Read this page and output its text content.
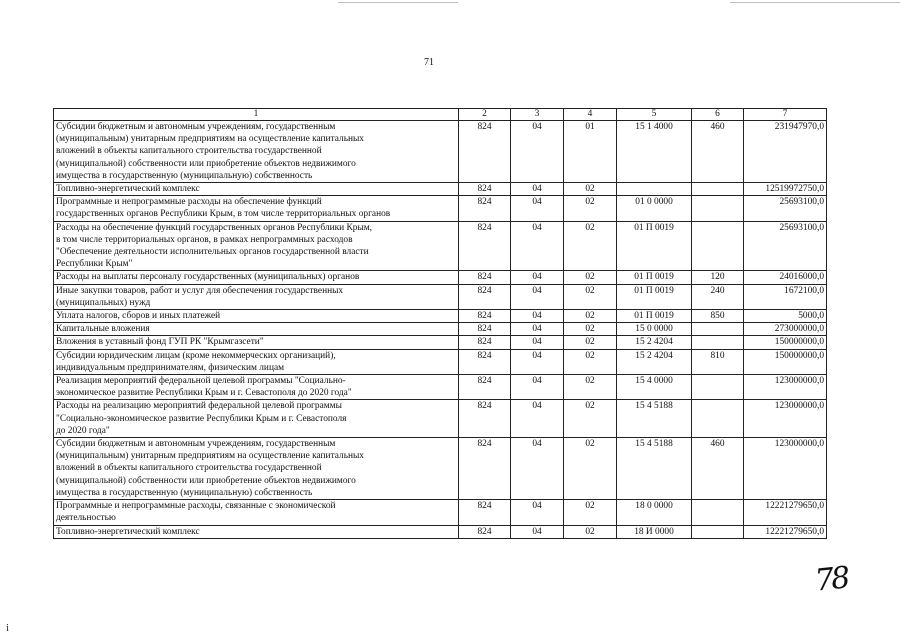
71
1	2	3	4	5	6	7

Субсидии бюджетным и автономным учреждениям, государственным
(муниципальным) унитарным предприятиям на осуществление капитальных
вложений в объекты капитального строительства государственной
(муниципальной) собственности или приобретение объектов недвижимого
имущества в государственную (муниципальную) собственность	824	04	01	15 1 4000	460	231947970,0

Топливно-энергетический комплекс	824	04	02			12519972750,0

Программные и непрограммные расходы на обеспечение функций
государственных органов Республики Крым, в том числе территориальных органов	824	04	02	01 0 0000		25693100,0

Расходы на обеспечение функций государственных органов Республики Крым,
в том числе территориальных органов, в рамках непрограммных расходов
"Обеспечение деятельности исполнительных органов государственной власти
Республики Крым"	824	04	02	01 П 0019		25693100,0

Расходы на выплаты персоналу государственных (муниципальных) органов	824	04	02	01 П 0019	120	24016000,0

Иные закупки товаров, работ и услуг для обеспечения государственных
(муниципальных) нужд	824	04	02	01 П 0019	240	1672100,0

Уплата налогов, сборов и иных платежей	824	04	02	01 П 0019	850	5000,0

Капитальные вложения	824	04	02	15 0 0000		273000000,0

Вложения в уставный фонд ГУП РК "Крымгазсети"	824	04	02	15 2 4204		150000000,0

Субсидии юридическим лицам (кроме некоммерческих организаций),
индивидуальным предпринимателям, физическим лицам	824	04	02	15 2 4204	810	150000000,0

Реализация мероприятий федеральной целевой программы "Социально-
экономическое развитие Республики Крым и г. Севастополя до 2020 года"	824	04	02	15 4 0000		123000000,0

Расходы на реализацию мероприятий федеральной целевой программы
"Социально-экономическое развитие Республики Крым и г. Севастополя
до 2020 года"	824	04	02	15 4 5188		123000000,0

Субсидии бюджетным и автономным учреждениям, государственным
(муниципальным) унитарным предприятиям на осуществление капитальных
вложений в объекты капитального строительства государственной
(муниципальной) собственности или приобретение объектов недвижимого
имущества в государственную (муниципальную) собственность	824	04	02	15 4 5188	460	123000000,0

Программные и непрограммные расходы, связанные с экономической
деятельностью	824	04	02	18 0 0000		12221279650,0

Топливно-энергетический комплекс	824	04	02	18 И 0000		12221279650,0
78
i
